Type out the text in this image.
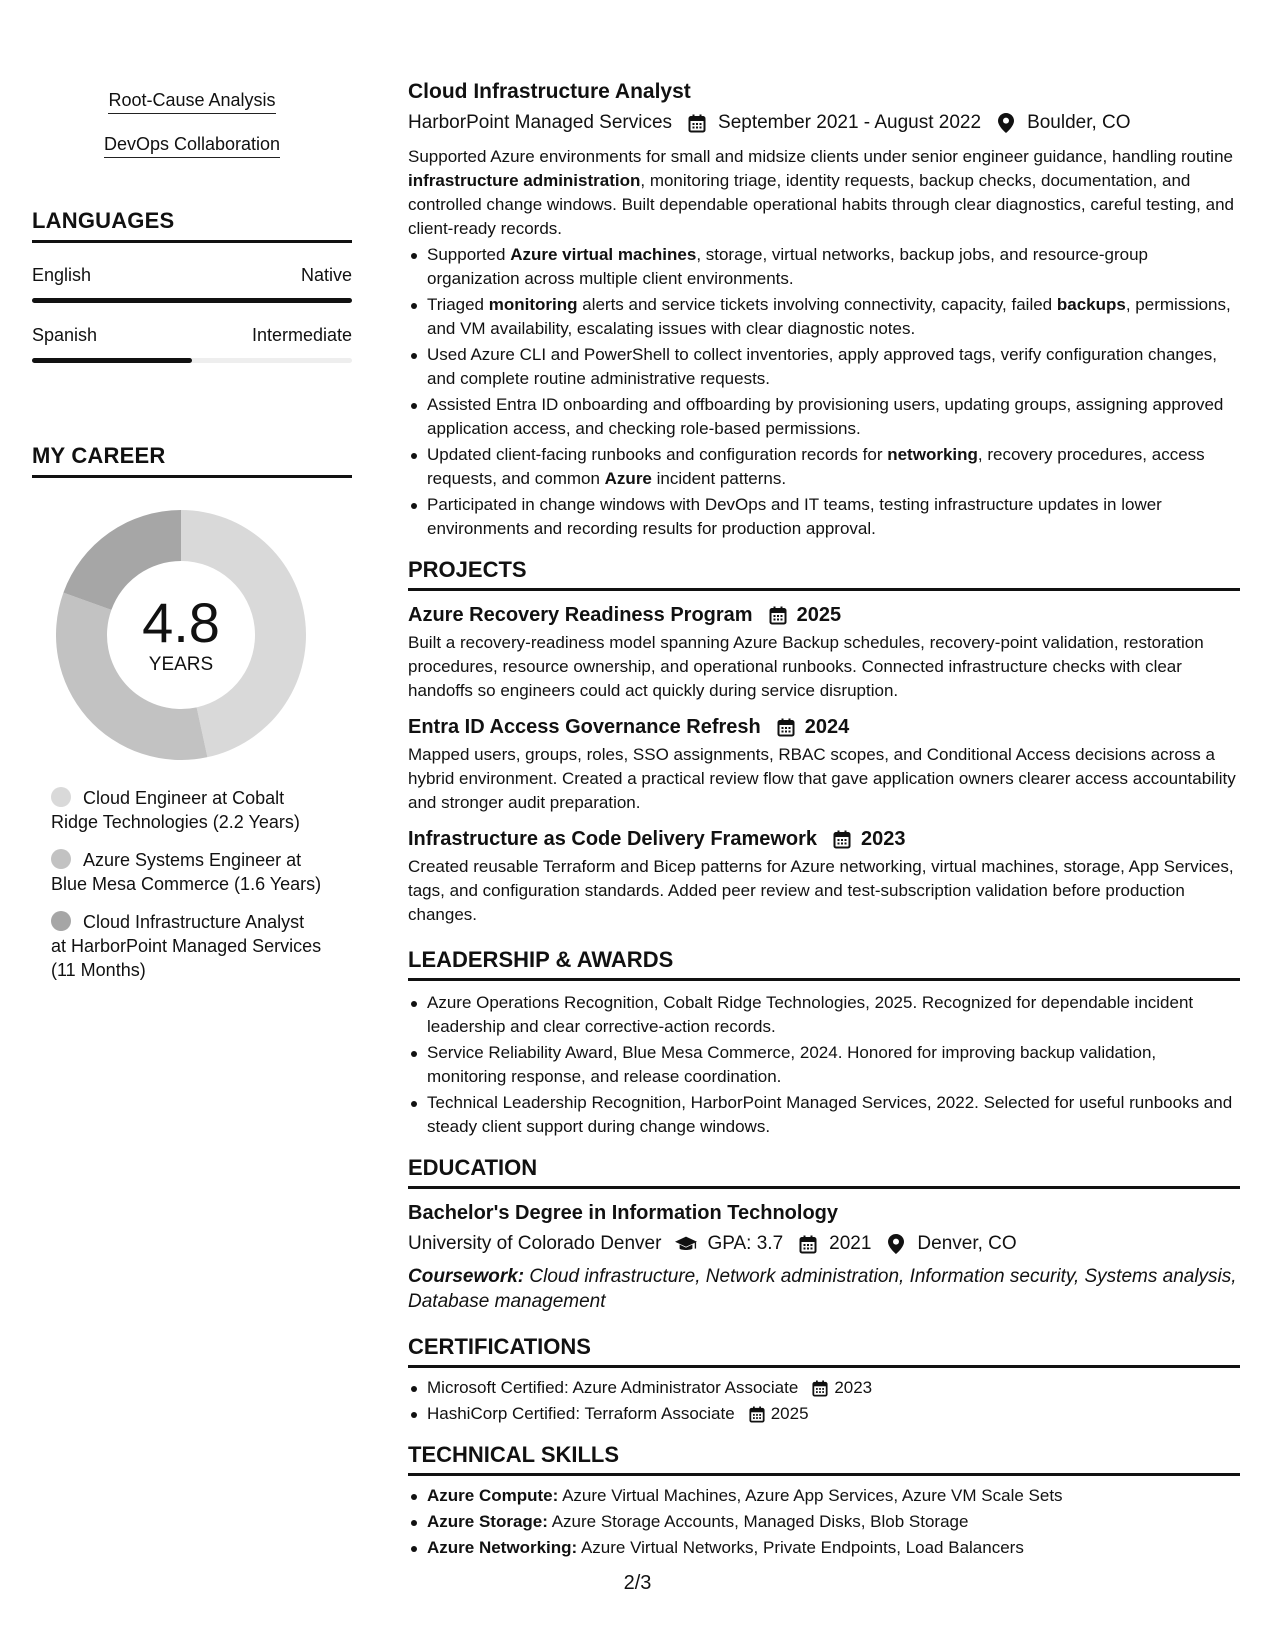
Root-Cause Analysis
DevOps Collaboration
LANGUAGES
English	Native
Spanish	Intermediate
MY CAREER
4.8
YEARS
Cloud Engineer at Cobalt Ridge Technologies (2.2 Years)
Azure Systems Engineer at Blue Mesa Commerce (1.6 Years)
Cloud Infrastructure Analyst at HarborPoint Managed Services (11 Months)
Cloud Infrastructure Analyst
HarborPoint Managed Services September 2021 - August 2022 Boulder, CO
Supported Azure environments for small and midsize clients under senior engineer guidance, handling routine infrastructure administration, monitoring triage, identity requests, backup checks, documentation, and controlled change windows. Built dependable operational habits through clear diagnostics, careful testing, and client-ready records.
Supported Azure virtual machines, storage, virtual networks, backup jobs, and resource-group organization across multiple client environments.
Triaged monitoring alerts and service tickets involving connectivity, capacity, failed backups, permissions, and VM availability, escalating issues with clear diagnostic notes.
Used Azure CLI and PowerShell to collect inventories, apply approved tags, verify configuration changes, and complete routine administrative requests.
Assisted Entra ID onboarding and offboarding by provisioning users, updating groups, assigning approved application access, and checking role-based permissions.
Updated client-facing runbooks and configuration records for networking, recovery procedures, access requests, and common Azure incident patterns.
Participated in change windows with DevOps and IT teams, testing infrastructure updates in lower environments and recording results for production approval.
PROJECTS
Azure Recovery Readiness Program 2025
Built a recovery-readiness model spanning Azure Backup schedules, recovery-point validation, restoration procedures, resource ownership, and operational runbooks. Connected infrastructure checks with clear handoffs so engineers could act quickly during service disruption.
Entra ID Access Governance Refresh 2024
Mapped users, groups, roles, SSO assignments, RBAC scopes, and Conditional Access decisions across a hybrid environment. Created a practical review flow that gave application owners clearer access accountability and stronger audit preparation.
Infrastructure as Code Delivery Framework 2023
Created reusable Terraform and Bicep patterns for Azure networking, virtual machines, storage, App Services, tags, and configuration standards. Added peer review and test-subscription validation before production changes.
LEADERSHIP & AWARDS
Azure Operations Recognition, Cobalt Ridge Technologies, 2025. Recognized for dependable incident leadership and clear corrective-action records.
Service Reliability Award, Blue Mesa Commerce, 2024. Honored for improving backup validation, monitoring response, and release coordination.
Technical Leadership Recognition, HarborPoint Managed Services, 2022. Selected for useful runbooks and steady client support during change windows.
EDUCATION
Bachelor's Degree in Information Technology
University of Colorado Denver GPA: 3.7 2021 Denver, CO
Coursework: Cloud infrastructure, Network administration, Information security, Systems analysis, Database management
CERTIFICATIONS
Microsoft Certified: Azure Administrator Associate 2023
HashiCorp Certified: Terraform Associate 2025
TECHNICAL SKILLS
Azure Compute: Azure Virtual Machines, Azure App Services, Azure VM Scale Sets
Azure Storage: Azure Storage Accounts, Managed Disks, Blob Storage
Azure Networking: Azure Virtual Networks, Private Endpoints, Load Balancers
2/3
